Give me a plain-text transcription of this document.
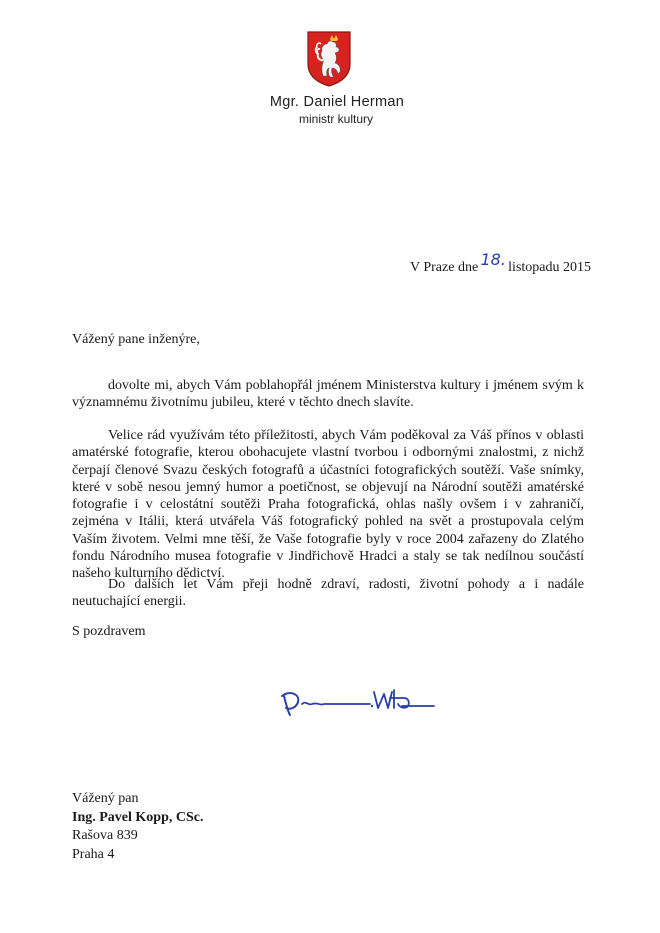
Mgr. Daniel Herman
ministr kultury
V Praze dne 18. listopadu 2015
Vážený pane inženýre,

dovolte mi, abych Vám poblahopřál jménem Ministerstva kultury i jménem svým k významnému životnímu jubileu, které v těchto dnech slavíte.

Velice rád využívám této příležitosti, abych Vám poděkoval za Váš přínos v oblasti amatérské fotografie, kterou obohacujete vlastní tvorbou i odbornými znalostmi, z nichž čerpají členové Svazu českých fotografů a účastníci fotografických soutěží. Vaše snímky, které v sobě nesou jemný humor a poetičnost, se objevují na Národní soutěži amatérské fotografie i v celostátní soutěži Praha fotografická, ohlas našly ovšem i v zahraničí, zejména v Itálii, která utvářela Váš fotografický pohled na svět a prostupovala celým Vaším životem. Velmi mne těší, že Vaše fotografie byly v roce 2004 zařazeny do Zlatého fondu Národního musea fotografie v Jindřichově Hradci a staly se tak nedílnou součástí našeho kulturního dědictví.

Do dalších let Vám přeji hodně zdraví, radosti, životní pohody a i nadále neutuchající energii.

S pozdravem
Vážený pan
Ing. Pavel Kopp, CSc.
Rašova 839
Praha 4
